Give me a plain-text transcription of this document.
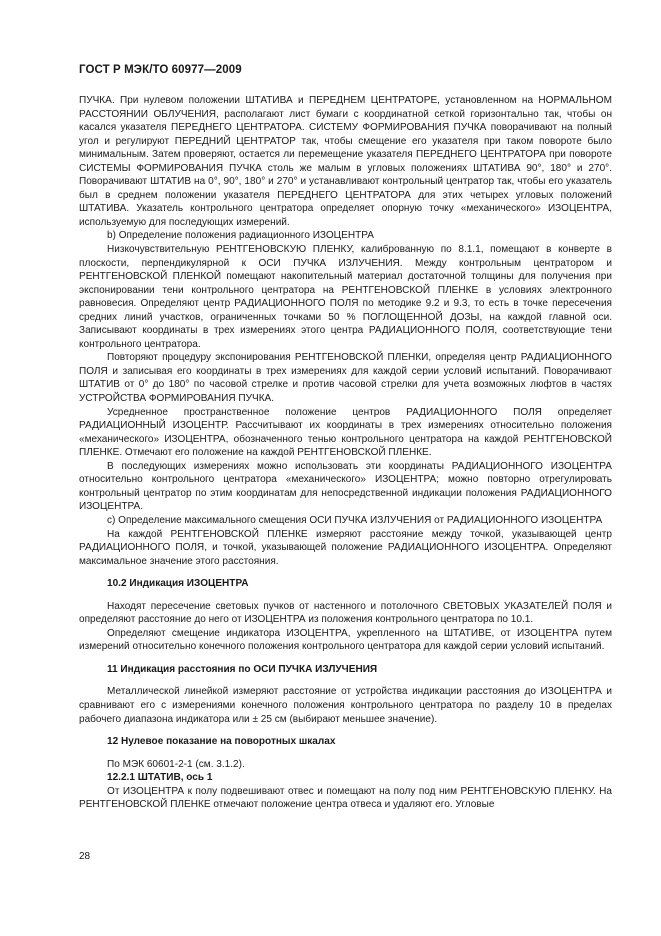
ГОСТ Р МЭК/ТО 60977—2009

ПУЧКА. При нулевом положении ШТАТИВА и ПЕРЕДНЕМ ЦЕНТРАТОРЕ, установленном на НОРМАЛЬНОМ РАССТОЯНИИ ОБЛУЧЕНИЯ, располагают лист бумаги с координатной сеткой горизонтально так, чтобы он касался указателя ПЕРЕДНЕГО ЦЕНТРАТОРА. СИСТЕМУ ФОРМИРОВАНИЯ ПУЧКА поворачивают на полный угол и регулируют ПЕРЕДНИЙ ЦЕНТРАТОР так, чтобы смещение его указателя при таком повороте было минимальным. Затем проверяют, остается ли перемещение указателя ПЕРЕДНЕГО ЦЕНТРАТОРА при повороте СИСТЕМЫ ФОРМИРОВАНИЯ ПУЧКА столь же малым в угловых положениях ШТАТИВА 90°, 180° и 270°. Поворачивают ШТАТИВ на 0°, 90°, 180° и 270° и устанавливают контрольный центратор так, чтобы его указатель был в среднем положении указателя ПЕРЕДНЕГО ЦЕНТРАТОРА для этих четырех угловых положений ШТАТИВА. Указатель контрольного центратора определяет опорную точку «механического» ИЗОЦЕНТРА, используемую для последующих измерений.

b) Определение положения радиационного ИЗОЦЕНТРА

Низкочувствительную РЕНТГЕНОВСКУЮ ПЛЕНКУ, калиброванную по 8.1.1, помещают в конверте в плоскости, перпендикулярной к ОСИ ПУЧКА ИЗЛУЧЕНИЯ. Между контрольным центратором и РЕНТГЕНОВСКОЙ ПЛЕНКОЙ помещают накопительный материал достаточной толщины для получения при экспонировании тени контрольного центратора на РЕНТГЕНОВСКОЙ ПЛЕНКЕ в условиях электронного равновесия. Определяют центр РАДИАЦИОННОГО ПОЛЯ по методике 9.2 и 9.3, то есть в точке пересечения средних линий участков, ограниченных точками 50 % ПОГЛОЩЕННОЙ ДОЗЫ, на каждой главной оси. Записывают координаты в трех измерениях этого центра РАДИАЦИОННОГО ПОЛЯ, соответствующие тени контрольного центратора.

Повторяют процедуру экспонирования РЕНТГЕНОВСКОЙ ПЛЕНКИ, определяя центр РАДИАЦИОННОГО ПОЛЯ и записывая его координаты в трех измерениях для каждой серии условий испытаний. Поворачивают ШТАТИВ от 0° до 180° по часовой стрелке и против часовой стрелки для учета возможных люфтов в частях УСТРОЙСТВА ФОРМИРОВАНИЯ ПУЧКА.

Усредненное пространственное положение центров РАДИАЦИОННОГО ПОЛЯ определяет РАДИАЦИОННЫЙ ИЗОЦЕНТР. Рассчитывают их координаты в трех измерениях относительно положения «механического» ИЗОЦЕНТРА, обозначенного тенью контрольного центратора на каждой РЕНТГЕНОВСКОЙ ПЛЕНКЕ. Отмечают его положение на каждой РЕНТГЕНОВСКОЙ ПЛЕНКЕ.

В последующих измерениях можно использовать эти координаты РАДИАЦИОННОГО ИЗОЦЕНТРА относительно контрольного центратора «механического» ИЗОЦЕНТРА; можно повторно отрегулировать контрольный центратор по этим координатам для непосредственной индикации положения РАДИАЦИОННОГО ИЗОЦЕНТРА.

c) Определение максимального смещения ОСИ ПУЧКА ИЗЛУЧЕНИЯ от РАДИАЦИОННОГО ИЗОЦЕНТРА

На каждой РЕНТГЕНОВСКОЙ ПЛЕНКЕ измеряют расстояние между точкой, указывающей центр РАДИАЦИОННОГО ПОЛЯ, и точкой, указывающей положение РАДИАЦИОННОГО ИЗОЦЕНТРА. Определяют максимальное значение этого расстояния.

10.2 Индикация ИЗОЦЕНТРА

Находят пересечение световых пучков от настенного и потолочного СВЕТОВЫХ УКАЗАТЕЛЕЙ ПОЛЯ и определяют расстояние до него от ИЗОЦЕНТРА из положения контрольного центратора по 10.1.

Определяют смещение индикатора ИЗОЦЕНТРА, укрепленного на ШТАТИВЕ, от ИЗОЦЕНТРА путем измерений относительно конечного положения контрольного центратора для каждой серии условий испытаний.

11 Индикация расстояния по ОСИ ПУЧКА ИЗЛУЧЕНИЯ

Металлической линейкой измеряют расстояние от устройства индикации расстояния до ИЗОЦЕНТРА и сравнивают его с измерениями конечного положения контрольного центратора по разделу 10 в пределах рабочего диапазона индикатора или ± 25 см (выбирают меньшее значение).

12 Нулевое показание на поворотных шкалах

По МЭК 60601-2-1 (см. 3.1.2).

12.2.1 ШТАТИВ, ось 1

От ИЗОЦЕНТРА к полу подвешивают отвес и помещают на полу под ним РЕНТГЕНОВСКУЮ ПЛЕНКУ. На РЕНТГЕНОВСКОЙ ПЛЕНКЕ отмечают положение центра отвеса и удаляют его. Угловые

28
